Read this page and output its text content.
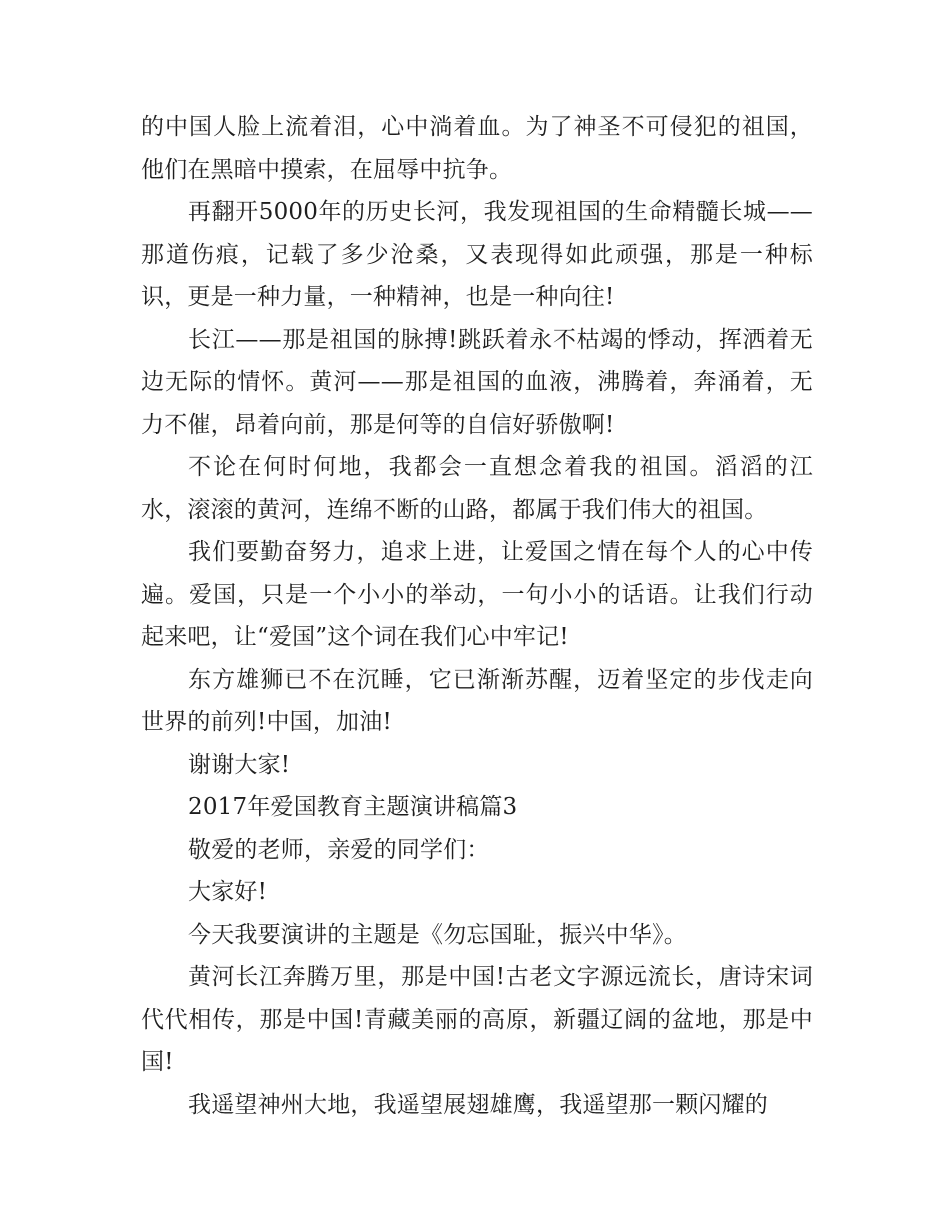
的中国人脸上流着泪，心中淌着血。为了神圣不可侵犯的祖国，他们在黑暗中摸索，在屈辱中抗争。

再翻开5000年的历史长河，我发现祖国的生命精髓长城——那道伤痕，记载了多少沧桑，又表现得如此顽强，那是一种标识，更是一种力量，一种精神，也是一种向往!

长江——那是祖国的脉搏!跳跃着永不枯竭的悸动，挥洒着无边无际的情怀。黄河——那是祖国的血液，沸腾着，奔涌着，无力不催，昂着向前，那是何等的自信好骄傲啊!

不论在何时何地，我都会一直想念着我的祖国。滔滔的江水，滚滚的黄河，连绵不断的山路，都属于我们伟大的祖国。

我们要勤奋努力，追求上进，让爱国之情在每个人的心中传遍。爱国，只是一个小小的举动，一句小小的话语。让我们行动起来吧，让“爱国”这个词在我们心中牢记!

东方雄狮已不在沉睡，它已渐渐苏醒，迈着坚定的步伐走向世界的前列!中国，加油!

谢谢大家!

2017年爱国教育主题演讲稿篇3

敬爱的老师，亲爱的同学们：

大家好!

今天我要演讲的主题是《勿忘国耻，振兴中华》。

黄河长江奔腾万里，那是中国!古老文字源远流长，唐诗宋词代代相传，那是中国!青藏美丽的高原，新疆辽阔的盆地，那是中国!

我遥望神州大地，我遥望展翅雄鹰，我遥望那一颗闪耀的
